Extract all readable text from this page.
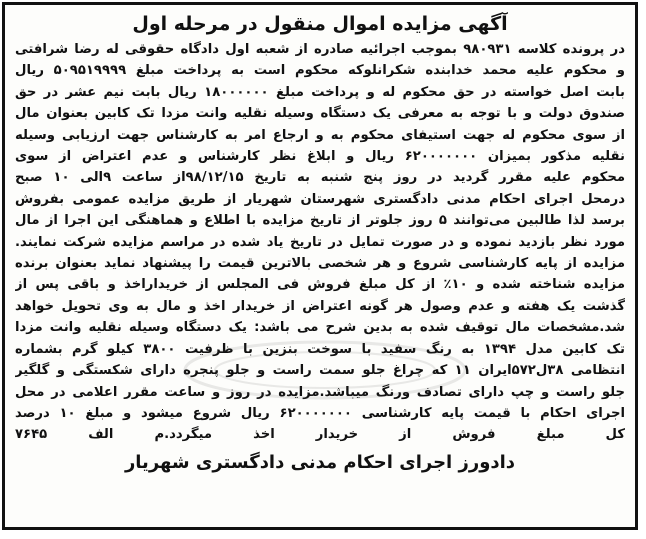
آگهی مزایده اموال منقول در مرحله اول
در پرونده کلاسه ۹۸۰۹۳۱ بموجب اجرائیه صادره از شعبه اول دادگاه حقوقی له رضا شرافتی
و محکوم علیه محمد خدابنده شکرانلوکه محکوم است به پرداخت مبلغ ۵۰۹۵۱۹۹۹۹ ریال
بابت اصل خواسته در حق محکوم له و پرداخت مبلغ ۱۸۰۰۰۰۰۰ ریال بابت نیم عشر در حق
صندوق دولت و با توجه به معرفی یک دستگاه وسیله نقلیه وانت مزدا تک کابین بعنوان مال
از سوی محکوم له جهت استیفای محکوم به و ارجاع امر به کارشناس جهت ارزیابی وسیله
نقلیه مذکور بمیزان ۶۲۰۰۰۰۰۰۰ ریال و ابلاغ نظر کارشناس و عدم اعتراض از سوی
محکوم علیه مقرر گردید در روز پنج شنبه به تاریخ ۹۸/۱۲/۱۵از ساعت ۹الی ۱۰ صبح
درمحل اجرای احکام مدنی دادگستری شهرستان شهریار از طریق مزایده عمومی بفروش
برسد لذا طالبین می‌توانند ۵ روز جلوتر از تاریخ مزایده با اطلاع و هماهنگی این اجرا از مال
مورد نظر بازدید نموده و در صورت تمایل در تاریخ یاد شده در مراسم مزایده شرکت نمایند.
مزایده از پایه کارشناسی شروع و هر شخصی بالاترین قیمت را پیشنهاد نماید بعنوان برنده
مزایده شناخته شده و ۱۰٪ از کل مبلغ فروش فی المجلس از خریداراخذ و باقی پس از
گذشت یک هفته و عدم وصول هر گونه اعتراض از خریدار اخذ و مال به وی تحویل خواهد
شد.مشخصات مال توقیف شده به بدین شرح می باشد: یک دستگاه وسیله نقلیه وانت مزدا
تک کابین مدل ۱۳۹۴ به رنگ سفید با سوخت بنزین با ظرفیت ۳۸۰۰ کیلو گرم بشماره
انتظامی ۳۸ل۵۷۲ایران ۱۱ که چراغ جلو سمت راست و جلو پنجره دارای شکستگی و گلگیر
جلو راست و چپ دارای تصادف ورنگ میباشد.مزایده در روز و ساعت مقرر اعلامی در محل
اجرای احکام با قیمت پایه کارشناسی ۶۲۰۰۰۰۰۰۰ ریال شروع میشود و مبلغ ۱۰ درصد
کل مبلغ فروش از خریدار اخذ میگردد.م الف ۷۶۴۵
دادورز اجرای احکام مدنی دادگستری شهریار
